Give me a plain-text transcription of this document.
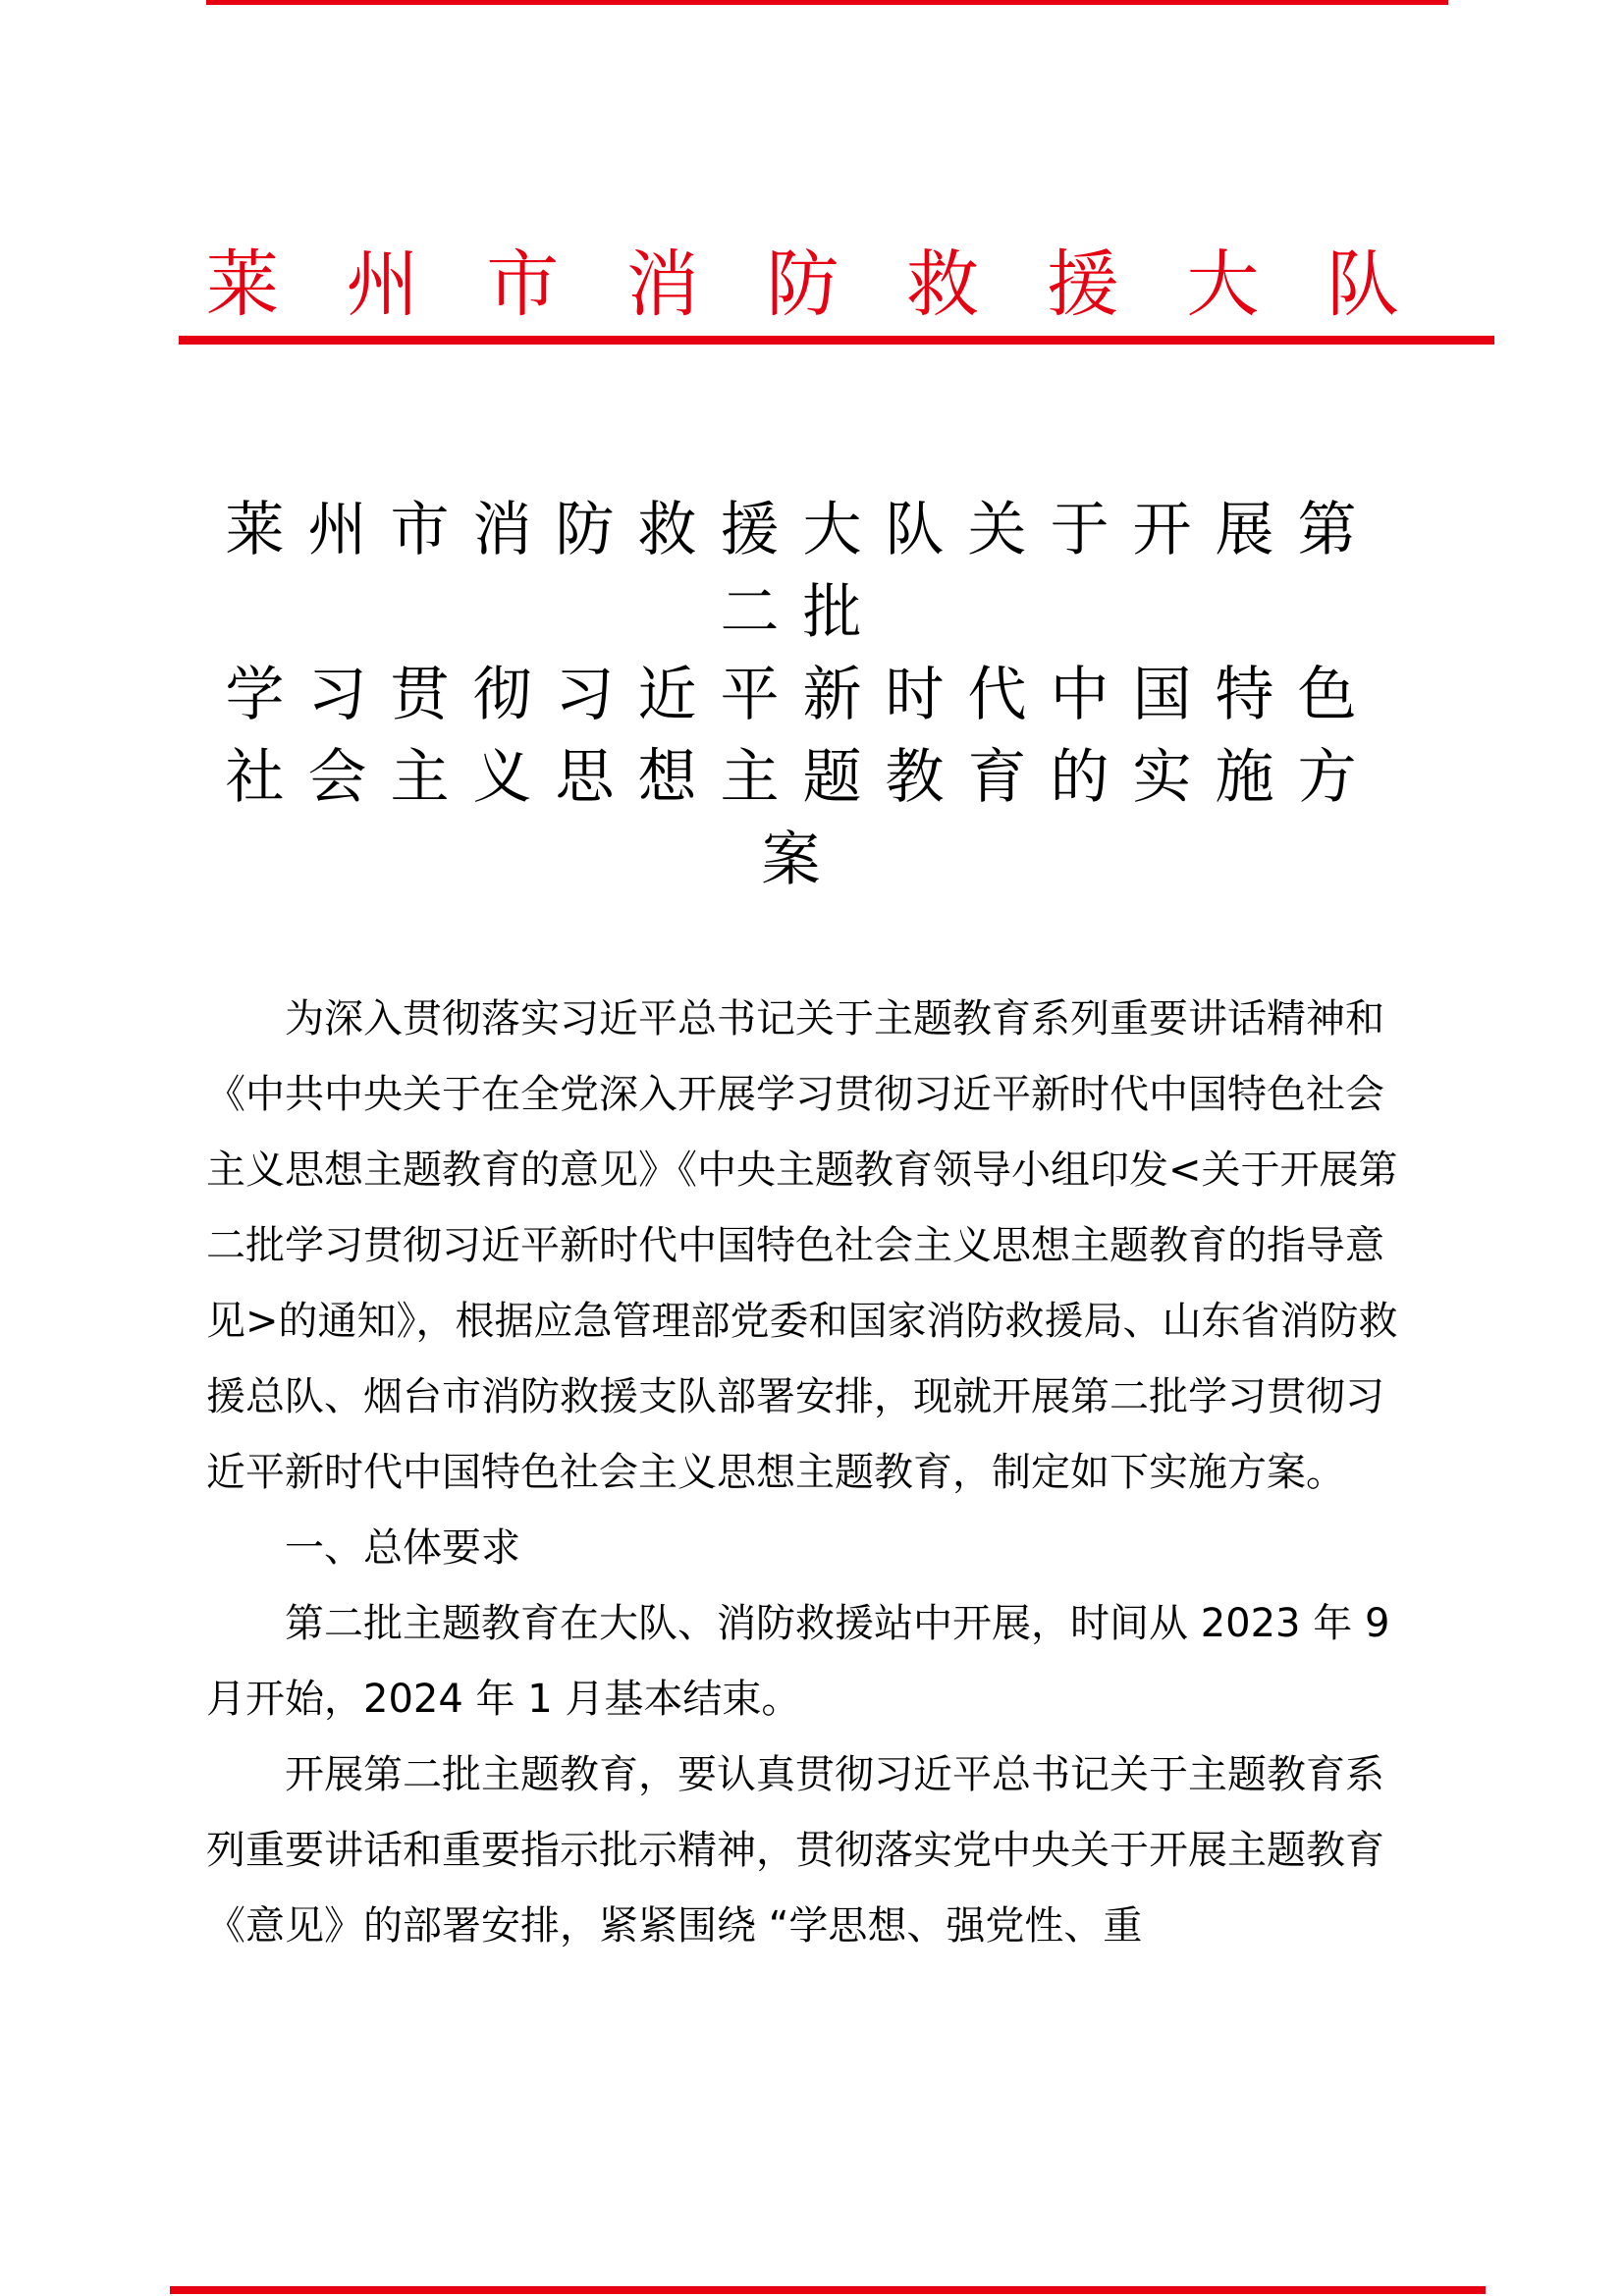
莱 州 市 消 防 救 援 大 队
莱州市消防救援大队关于开展第
二批
学习贯彻习近平新时代中国特色
社会主义思想主题教育的实施方
案

为深入贯彻落实习近平总书记关于主题教育系列重要讲话精神和《中共中央关于在全党深入开展学习贯彻习近平新时代中国特色社会主义思想主题教育的意见》《中央主题教育领导小组印发<关于开展第二批学习贯彻习近平新时代中国特色社会主义思想主题教育的指导意见>的通知》，根据应急管理部党委和国家消防救援局、山东省消防救援总队、烟台市消防救援支队部署安排，现就开展第二批学习贯彻习近平新时代中国特色社会主义思想主题教育，制定如下实施方案。

一、总体要求

第二批主题教育在大队、消防救援站中开展，时间从 2023 年 9 月开始，2024 年 1 月基本结束。

开展第二批主题教育，要认真贯彻习近平总书记关于主题教育系列重要讲话和重要指示批示精神，贯彻落实党中央关于开展主题教育《意见》的部署安排，紧紧围绕 “学思想、强党性、重
